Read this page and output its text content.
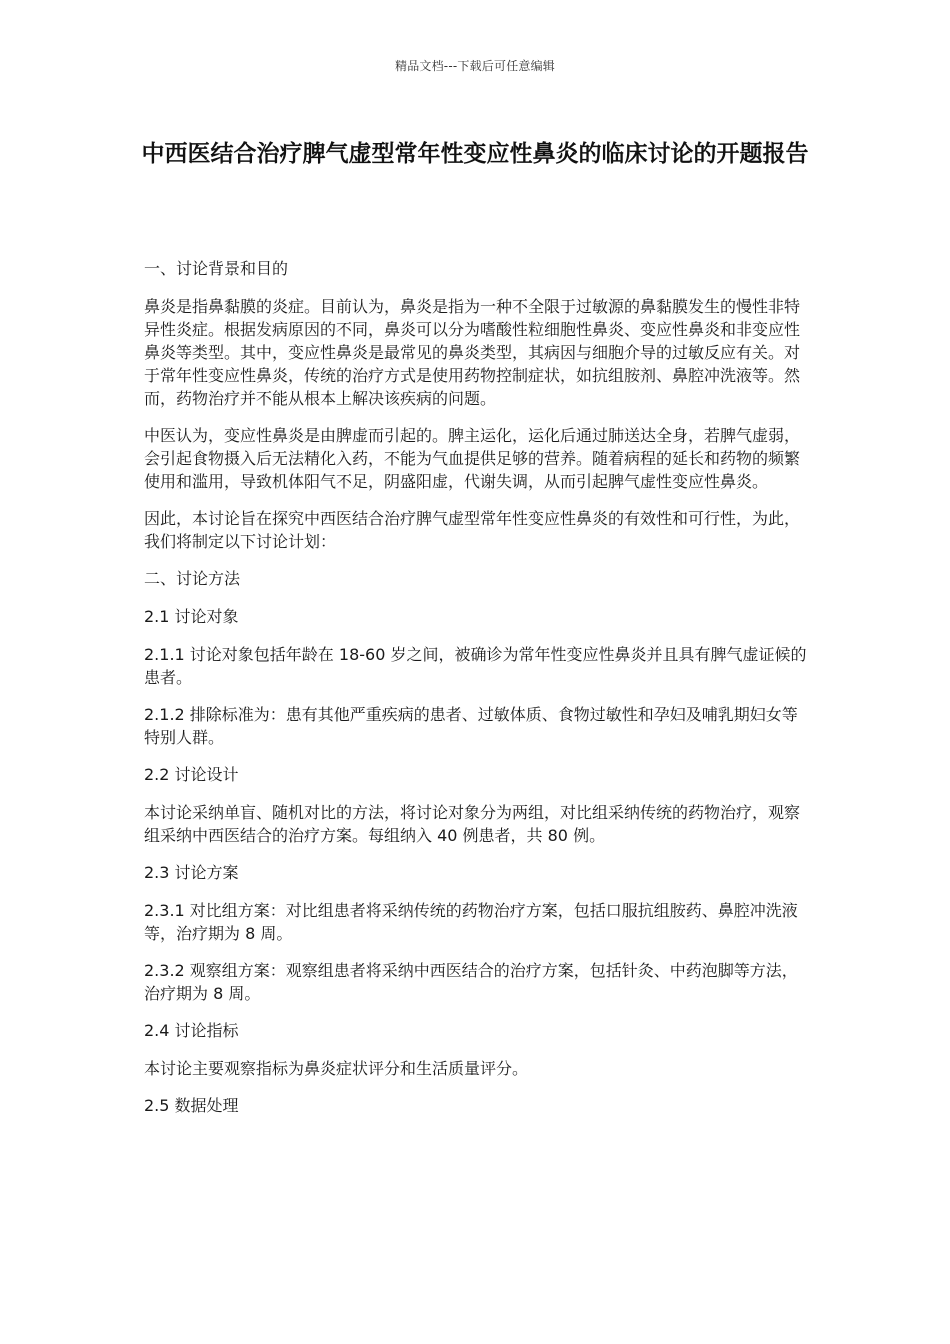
精品文档---下载后可任意编辑
中西医结合治疗脾气虚型常年性变应性鼻炎的临床讨论的开题报告

一、讨论背景和目的

鼻炎是指鼻黏膜的炎症。目前认为，鼻炎是指为一种不全限于过敏源的鼻黏膜发生的慢性非特异性炎症。根据发病原因的不同，鼻炎可以分为嗜酸性粒细胞性鼻炎、变应性鼻炎和非变应性鼻炎等类型。其中，变应性鼻炎是最常见的鼻炎类型，其病因与细胞介导的过敏反应有关。对于常年性变应性鼻炎，传统的治疗方式是使用药物控制症状，如抗组胺剂、鼻腔冲洗液等。然而，药物治疗并不能从根本上解决该疾病的问题。

中医认为，变应性鼻炎是由脾虚而引起的。脾主运化，运化后通过肺送达全身，若脾气虚弱，会引起食物摄入后无法精化入药，不能为气血提供足够的营养。随着病程的延长和药物的频繁使用和滥用，导致机体阳气不足，阴盛阳虚，代谢失调，从而引起脾气虚性变应性鼻炎。

因此，本讨论旨在探究中西医结合治疗脾气虚型常年性变应性鼻炎的有效性和可行性，为此，我们将制定以下讨论计划：

二、讨论方法

2.1 讨论对象

2.1.1 讨论对象包括年龄在 18-60 岁之间，被确诊为常年性变应性鼻炎并且具有脾气虚证候的患者。

2.1.2 排除标准为：患有其他严重疾病的患者、过敏体质、食物过敏性和孕妇及哺乳期妇女等特别人群。

2.2 讨论设计

本讨论采纳单盲、随机对比的方法，将讨论对象分为两组，对比组采纳传统的药物治疗，观察组采纳中西医结合的治疗方案。每组纳入 40 例患者，共 80 例。

2.3 讨论方案

2.3.1 对比组方案：对比组患者将采纳传统的药物治疗方案，包括口服抗组胺药、鼻腔冲洗液等，治疗期为 8 周。

2.3.2 观察组方案：观察组患者将采纳中西医结合的治疗方案，包括针灸、中药泡脚等方法，治疗期为 8 周。

2.4 讨论指标

本讨论主要观察指标为鼻炎症状评分和生活质量评分。

2.5 数据处理
